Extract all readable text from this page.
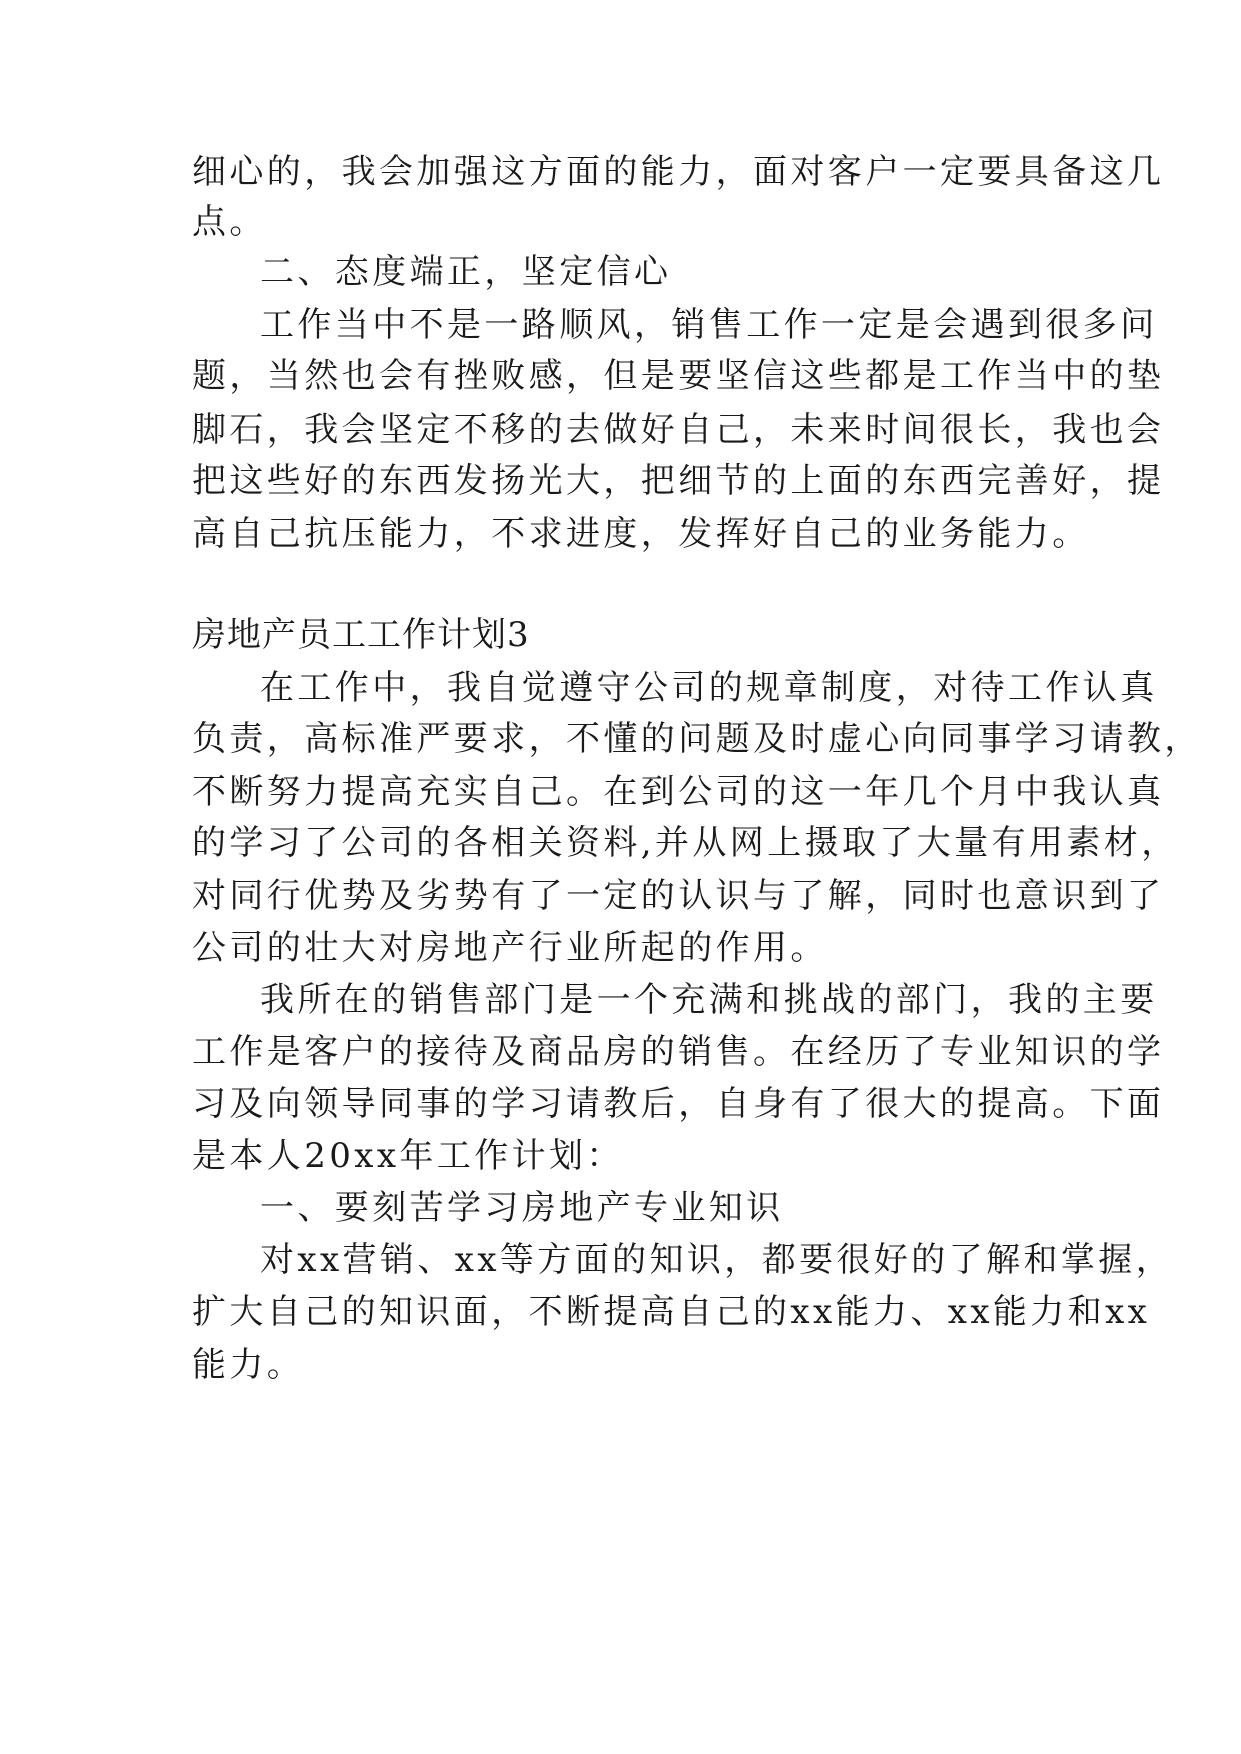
细心的，我会加强这方面的能力，面对客户一定要具备这几
点。
二、态度端正，坚定信心
工作当中不是一路顺风，销售工作一定是会遇到很多问
题，当然也会有挫败感，但是要坚信这些都是工作当中的垫
脚石，我会坚定不移的去做好自己，未来时间很长，我也会
把这些好的东西发扬光大，把细节的上面的东西完善好，提
高自己抗压能力，不求进度，发挥好自己的业务能力。
房地产员工工作计划3
在工作中，我自觉遵守公司的规章制度，对待工作认真
负责，高标准严要求，不懂的问题及时虚心向同事学习请教，
不断努力提高充实自己。在到公司的这一年几个月中我认真
的学习了公司的各相关资料,并从网上摄取了大量有用素材，
对同行优势及劣势有了一定的认识与了解，同时也意识到了
公司的壮大对房地产行业所起的作用。
我所在的销售部门是一个充满和挑战的部门，我的主要
工作是客户的接待及商品房的销售。在经历了专业知识的学
习及向领导同事的学习请教后，自身有了很大的提高。下面
是本人20xx年工作计划：
一、要刻苦学习房地产专业知识
对xx营销、xx等方面的知识，都要很好的了解和掌握，
扩大自己的知识面，不断提高自己的xx能力、xx能力和xx
能力。
